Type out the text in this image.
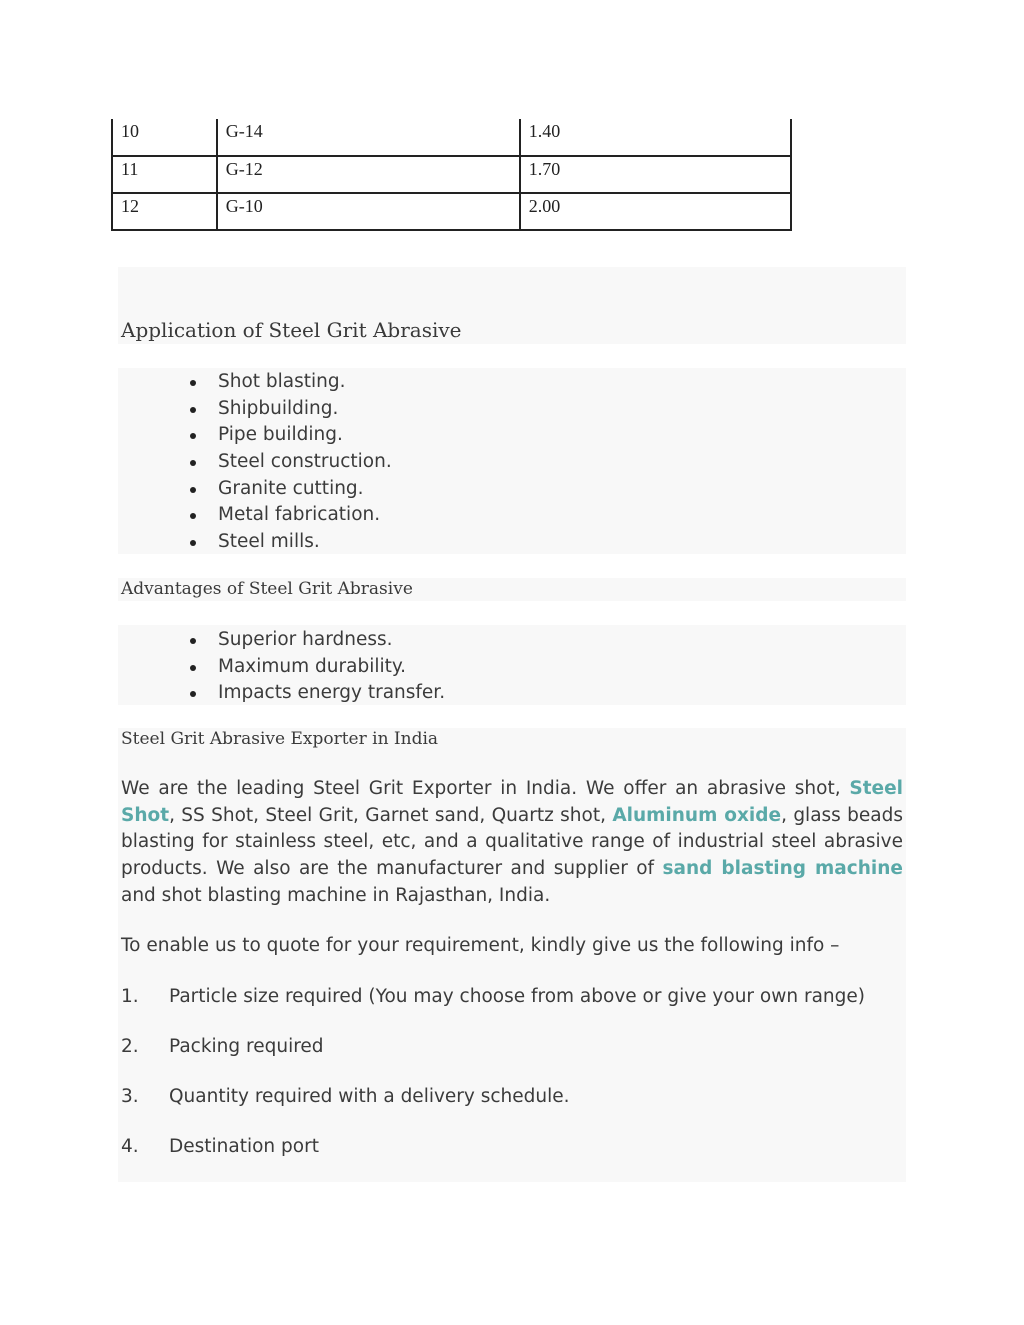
10	G-14	1.40
11	G-12	1.70
12	G-10	2.00
Application of Steel Grit Abrasive
Shot blasting.
Shipbuilding.
Pipe building.
Steel construction.
Granite cutting.
Metal fabrication.
Steel mills.
Advantages of Steel Grit Abrasive
Superior hardness.
Maximum durability.
Impacts energy transfer.
Steel Grit Abrasive Exporter in India

We are the leading Steel Grit Exporter in India. We offer an abrasive shot, Steel Shot, SS Shot, Steel Grit, Garnet sand, Quartz shot, Aluminum oxide, glass beads blasting for stainless steel, etc, and a qualitative range of industrial steel abrasive products. We also are the manufacturer and supplier of sand blasting machine and shot blasting machine in Rajasthan, India.

To enable us to quote for your requirement, kindly give us the following info –

1. Particle size required (You may choose from above or give your own range)
2. Packing required
3. Quantity required with a delivery schedule.
4. Destination port
